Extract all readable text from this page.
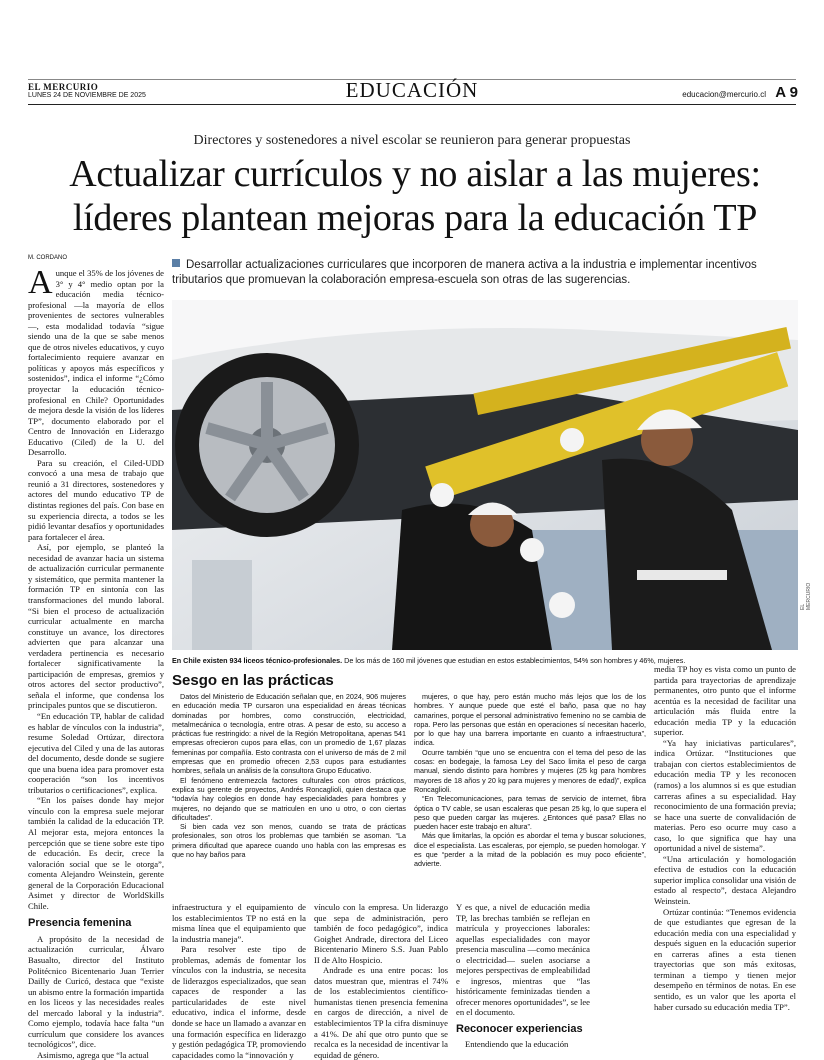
EL MERCURIO
LUNES 24 DE NOVIEMBRE DE 2025	EDUCACIÓN	educacion@mercurio.cl A 9
Directores y sostenedores a nivel escolar se reunieron para generar propuestas
Actualizar currículos y no aislar a las mujeres:
líderes plantean mejoras para la educación TP
M. CORDANO
Desarrollar actualizaciones curriculares que incorporen de manera activa a la industria e implementar incentivos tributarios que promuevan la colaboración empresa-escuela son otras de las sugerencias.

Aunque el 35% de los jóvenes de 3° y 4° medio optan por la educación media técnico-profesional —la mayoría de ellos provenientes de sectores vulnerables—, esta modalidad todavía “sigue siendo una de la que se sabe menos que de otros niveles educativos, y cuyo fortalecimiento requiere avanzar en políticas y apoyos más específicos y sostenidos”, indica el informe “¿Cómo proyectar la educación técnico-profesional en Chile? Oportunidades de mejora desde la visión de los líderes TP”, documento elaborado por el Centro de Innovación en Liderazgo Educativo (Ciled) de la U. del Desarrollo.

Para su creación, el Ciled-UDD convocó a una mesa de trabajo que reunió a 31 directores, sostenedores y actores del mundo educativo TP de distintas regiones del país. Con base en su experiencia directa, a todos se les pidió levantar desafíos y oportunidades para fortalecer el área.

Así, por ejemplo, se planteó la necesidad de avanzar hacia un sistema de actualización curricular permanente y sistemático, que permita mantener la formación TP en sintonía con las transformaciones del mundo laboral. “Si bien el proceso de actualización curricular actualmente en marcha constituye un avance, los directores advierten que para alcanzar una verdadera pertinencia es necesario fortalecer significativamente la participación de empresas, gremios y otros actores del sector productivo”, señala el informe, que condensa los principales puntos que se discutieron.

“En educación TP, hablar de calidad es hablar de vínculos con la industria”, resume Soledad Ortúzar, directora ejecutiva del Ciled y una de las autoras del documento, desde donde se sugiere que una buena idea para promover esta cooperación “son los incentivos tributarios o certificaciones”, explica.

“En los países donde hay mejor vínculo con la empresa suele mejorar también la calidad de la educación TP. Al mejorar esta, mejora entonces la percepción que se tiene sobre este tipo de educación. Es decir, crece la valoración social que se le otorga”, comenta Alejandro Weinstein, gerente general de la Corporación Educacional Asimet y director de WorldSkills Chile.

Presencia femenina

A propósito de la necesidad de actualización curricular, Álvaro Basualto, director del Instituto Politécnico Bicentenario Juan Terrier Dailly de Curicó, destaca que “existe un abismo entre la formación impartida en los liceos y las necesidades reales del mercado laboral y la industria”. Como ejemplo, todavía hace falta “un currículum que considere los avances tecnológicos”, dice.

Asimismo, agrega que “la actual

EL MERCURIO
En Chile existen 934 liceos técnico-profesionales. De los más de 160 mil jóvenes que estudian en estos establecimientos, 54% son hombres y 46%, mujeres.
Sesgo en las prácticas

Datos del Ministerio de Educación señalan que, en 2024, 906 mujeres en educación media TP cursaron una especialidad en áreas técnicas dominadas por hombres, como construcción, electricidad, metalmecánica o tecnología, entre otras. A pesar de esto, su acceso a prácticas fue restringido: a nivel de la Región Metropolitana, apenas 541 empresas ofrecieron cupos para ellas, con un promedio de 1,67 plazas femeninas por compañía. Esto contrasta con el universo de más de 2 mil empresas que en promedio ofrecen 2,53 cupos para estudiantes hombres, señala un análisis de la consultora Grupo Educativo.

El fenómeno entremezcla factores culturales con otros prácticos, explica su gerente de proyectos, Andrés Roncaglioli, quien destaca que “todavía hay colegios en donde hay especialidades para hombres y mujeres, no dejando que se matriculen en uno u otro, o con ciertas dificultades”.

Si bien cada vez son menos, cuando se trata de prácticas profesionales, son otros los problemas que también se asoman. “La primera dificultad que aparece cuando uno habla con las empresas es que no hay baños para

mujeres, o que hay, pero están mucho más lejos que los de los hombres. Y aunque puede que esté el baño, pasa que no hay camarines, porque el personal administrativo femenino no se cambia de ropa. Pero las personas que están en operaciones sí necesitan hacerlo, por lo que hay una barrera importante en cuanto a infraestructura”, indica.

Ocurre también “que uno se encuentra con el tema del peso de las cosas: en bodegaje, la famosa Ley del Saco limita el peso de carga manual, siendo distinto para hombres y mujeres (25 kg para hombres mayores de 18 años y 20 kg para mujeres y menores de edad)”, explica Roncaglioli.

“En Telecomunicaciones, para temas de servicio de internet, fibra óptica o TV cable, se usan escaleras que pesan 25 kg, lo que supera el peso que pueden cargar las mujeres. ¿Entonces qué pasa? Ellas no pueden hacer este trabajo en altura”.

Más que limitarlas, la opción es abordar el tema y buscar soluciones, dice el especialista. Las escaleras, por ejemplo, se pueden homologar. Y es que “perder a la mitad de la población es muy poco eficiente”, advierte.

infraestructura y el equipamiento de los establecimientos TP no está en la misma línea que el equipamiento que la industria maneja”.

Para resolver este tipo de problemas, además de fomentar los vínculos con la industria, se necesita de liderazgos especializados, que sean capaces de responder a las particularidades de este nivel educativo, indica el informe, desde donde se hace un llamado a avanzar en una formación específica en liderazgo y gestión pedagógica TP, promoviendo capacidades como la “innovación y

vínculo con la empresa. Un liderazgo que sepa de administración, pero también de foco pedagógico”, indica Goighet Andrade, directora del Liceo Bicentenario Minero S.S. Juan Pablo II de Alto Hospicio.

Andrade es una entre pocas: los datos muestran que, mientras el 74% de los establecimientos científico-humanistas tienen presencia femenina en cargos de dirección, a nivel de establecimientos TP la cifra disminuye a 41%. De ahí que otro punto que se recalca es la necesidad de incentivar la equidad de género.

Y es que, a nivel de educación media TP, las brechas también se reflejan en matrícula y proyecciones laborales: aquellas especialidades con mayor presencia masculina —como mecánica o electricidad— suelen asociarse a mejores perspectivas de empleabilidad e ingresos, mientras que “las históricamente feminizadas tienden a ofrecer menores oportunidades”, se lee en el documento.

Reconocer experiencias

Entendiendo que la educación

media TP hoy es vista como un punto de partida para trayectorias de aprendizaje permanentes, otro punto que el informe acentúa es la necesidad de facilitar una articulación más fluida entre la educación media TP y la educación superior.

“Ya hay iniciativas particulares”, indica Ortúzar. “Instituciones que trabajan con ciertos establecimientos de educación media TP y les reconocen (ramos) a los alumnos si es que estudian carreras afines a su especialidad. Hay reconocimiento de una formación previa; se hace una suerte de convalidación de materias. Pero eso ocurre muy caso a caso, lo que significa que hay una oportunidad a nivel de sistema”.

“Una articulación y homologación efectiva de estudios con la educación superior implica consolidar una visión de estado al respecto”, destaca Alejandro Weinstein.

Ortúzar continúa: “Tenemos evidencia de que estudiantes que egresan de la educación media con una especialidad y después siguen en la educación superior en carreras afines a esta tienen trayectorias que son más exitosas, terminan a tiempo y tienen mejor desempeño en términos de notas. En ese sentido, es un valor que les aporta el haber cursado su educación media TP”.
